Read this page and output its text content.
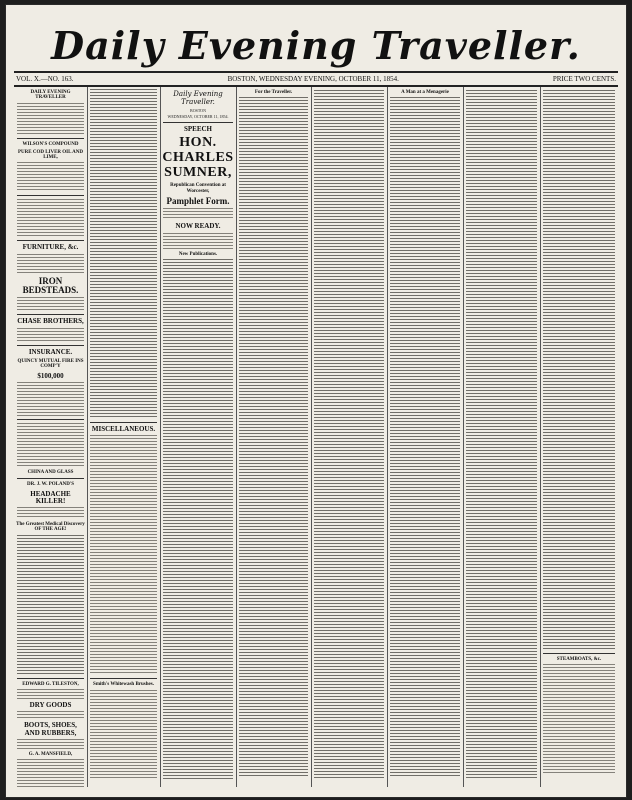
Daily Evening Traveller.
VOL. X.—NO. 163.	BOSTON, WEDNESDAY EVENING, OCTOBER 11, 1854.	PRICE TWO CENTS.
DAILY EVENING TRAVELLER
WILSON'S COMPOUND
PURE COD LIVER OIL AND LIME,
FURNITURE, &c.
IRON BEDSTEADS.
CHASE BROTHERS,
INSURANCE.
QUINCY MUTUAL FIRE INS COMP'Y
$100,000
CHINA AND GLASS
DR. J. W. POLAND'S
HEADACHE KILLER!
The Greatest Medical Discovery OF THE AGE!
EDWARD G. TILESTON,
DRY GOODS
BOOTS, SHOES, AND RUBBERS,
G. A. MANSFIELD,
MISCELLANEOUS.
Smith's Whitewash Brushes.
Daily Evening Traveller.
BOSTON
WEDNESDAY, OCTOBER 11, 1854.
SPEECH
HON. CHARLES SUMNER,
Republican Convention at Worcester,
Pamphlet Form.
NOW READY.
New Publications.
For the Traveller.	A Man at a Menagerie
STEAMBOATS, &c.
